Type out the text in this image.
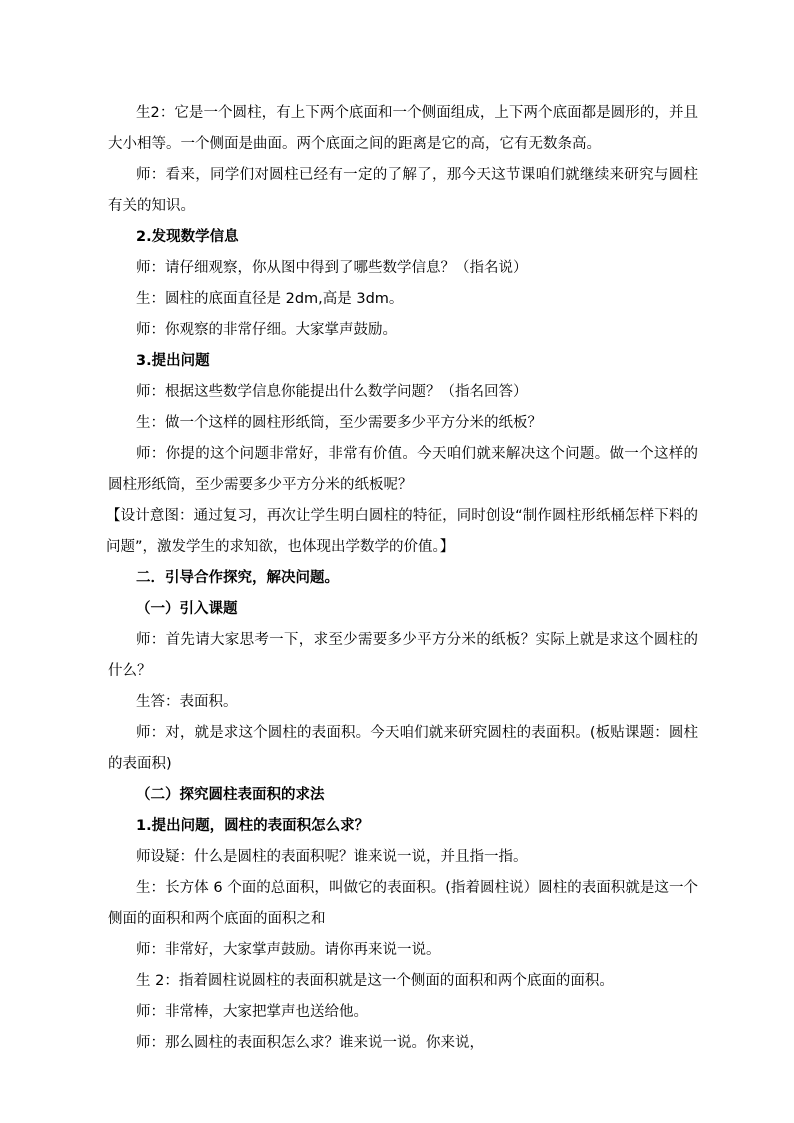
生2：它是一个圆柱，有上下两个底面和一个侧面组成，上下两个底面都是圆形的，并且大小相等。一个侧面是曲面。两个底面之间的距离是它的高，它有无数条高。

师：看来，同学们对圆柱已经有一定的了解了，那今天这节课咱们就继续来研究与圆柱有关的知识。

2.发现数学信息

师：请仔细观察，你从图中得到了哪些数学信息？（指名说）

生：圆柱的底面直径是 2dm,高是 3dm。

师：你观察的非常仔细。大家掌声鼓励。

3.提出问题

师：根据这些数学信息你能提出什么数学问题？（指名回答）

生：做一个这样的圆柱形纸筒，至少需要多少平方分米的纸板？

师：你提的这个问题非常好，非常有价值。今天咱们就来解决这个问题。做一个这样的圆柱形纸筒，至少需要多少平方分米的纸板呢？

【设计意图：通过复习，再次让学生明白圆柱的特征，同时创设“制作圆柱形纸桶怎样下料的问题”，激发学生的求知欲，也体现出学数学的价值。】

二．引导合作探究，解决问题。

（一）引入课题

师：首先请大家思考一下，求至少需要多少平方分米的纸板？实际上就是求这个圆柱的什么？

生答：表面积。

师：对，就是求这个圆柱的表面积。今天咱们就来研究圆柱的表面积。(板贴课题：圆柱的表面积)

（二）探究圆柱表面积的求法

1.提出问题，圆柱的表面积怎么求？

师设疑：什么是圆柱的表面积呢？谁来说一说，并且指一指。

生：长方体 6 个面的总面积，叫做它的表面积。(指着圆柱说）圆柱的表面积就是这一个侧面的面积和两个底面的面积之和

师：非常好，大家掌声鼓励。请你再来说一说。

生 2：指着圆柱说圆柱的表面积就是这一个侧面的面积和两个底面的面积。

师：非常棒，大家把掌声也送给他。

师：那么圆柱的表面积怎么求？谁来说一说。你来说，
